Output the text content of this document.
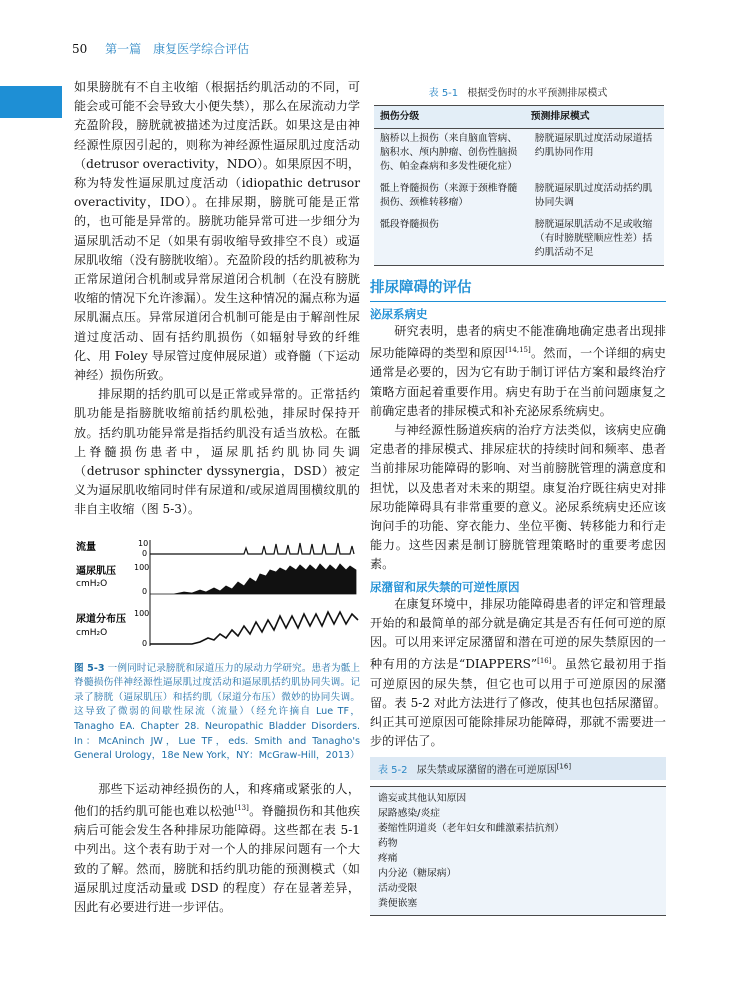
50 第一篇　康复医学综合评估

如果膀胱有不自主收缩（根据括约肌活动的不同，可能会或可能不会导致大小便失禁），那么在尿流动力学充盈阶段，膀胱就被描述为过度活跃。如果这是由神经源性原因引起的，则称为神经源性逼尿肌过度活动（detrusor overactivity，NDO）。如果原因不明，称为特发性逼尿肌过度活动（idiopathic detrusor overactivity，IDO）。在排尿期，膀胱可能是正常的，也可能是异常的。膀胱功能异常可进一步细分为逼尿肌活动不足（如果有弱收缩导致排空不良）或逼尿肌收缩（没有膀胱收缩）。充盈阶段的括约肌被称为正常尿道闭合机制或异常尿道闭合机制（在没有膀胱收缩的情况下允许渗漏）。发生这种情况的漏点称为逼尿肌漏点压。异常尿道闭合机制可能是由于解剖性尿道过度活动、固有括约肌损伤（如辐射导致的纤维化、用 Foley 导尿管过度伸展尿道）或脊髓（下运动神经）损伤所致。

排尿期的括约肌可以是正常或异常的。正常括约肌功能是指膀胱收缩前括约肌松弛，排尿时保持开放。括约肌功能异常是指括约肌没有适当放松。在骶上脊髓损伤患者中，逼尿肌括约肌协同失调（detrusor sphincter dyssynergia，DSD）被定义为逼尿肌收缩同时伴有尿道和/或尿道周围横纹肌的非自主收缩（图 5-3）。

流量
逼尿肌压
cmH₂O
尿道分布压
cmH₂O
10
0
100
0
100
0
图 5-3 一例同时记录膀胱和尿道压力的尿动力学研究。患者为骶上脊髓损伤伴神经源性逼尿肌过度活动和逼尿肌括约肌协同失调。记录了膀胱（逼尿肌压）和括约肌（尿道分布压）微妙的协同失调。这导致了微弱的间歇性尿流（流量）（经允许摘自 Lue TF，Tanagho EA. Chapter 28. Neuropathic Bladder Disorders. In：McAninch JW，Lue TF，eds. Smith and Tanagho's General Urology，18e New York，NY：McGraw-Hill，2013）

那些下运动神经损伤的人，和疼痛或紧张的人，他们的括约肌可能也难以松弛[13]。脊髓损伤和其他疾病后可能会发生各种排尿功能障碍。这些都在表 5-1 中列出。这个表有助于对一个人的排尿问题有一个大致的了解。然而，膀胱和括约肌功能的预测模式（如逼尿肌过度活动量或 DSD 的程度）存在显著差异，因此有必要进行进一步评估。

表 5-1 根据受伤时的水平预测排尿模式
损伤分级	预测排尿模式
脑桥以上损伤（来自脑血管病、脑积水、颅内肿瘤、创伤性脑损伤、帕金森病和多发性硬化症）	膀胱逼尿肌过度活动尿道括约肌协同作用
骶上脊髓损伤（来源于颈椎脊髓损伤、颈椎转移瘤）	膀胱逼尿肌过度活动括约肌协同失调
骶段脊髓损伤	膀胱逼尿肌活动不足或收缩（有时膀胱壁顺应性差）括约肌活动不足
排尿障碍的评估
泌尿系病史

研究表明，患者的病史不能准确地确定患者出现排尿功能障碍的类型和原因[14,15]。然而，一个详细的病史通常是必要的，因为它有助于制订评估方案和最终治疗策略方面起着重要作用。病史有助于在当前问题康复之前确定患者的排尿模式和补充泌尿系统病史。

与神经源性肠道疾病的治疗方法类似，该病史应确定患者的排尿模式、排尿症状的持续时间和频率、患者当前排尿功能障碍的影响、对当前膀胱管理的满意度和担忧，以及患者对未来的期望。康复治疗既往病史对排尿功能障碍具有非常重要的意义。泌尿系统病史还应该询问手的功能、穿衣能力、坐位平衡、转移能力和行走能力。这些因素是制订膀胱管理策略时的重要考虑因素。

尿潴留和尿失禁的可逆性原因

在康复环境中，排尿功能障碍患者的评定和管理最开始的和最简单的部分就是确定其是否有任何可逆的原因。可以用来评定尿潴留和潜在可逆的尿失禁原因的一种有用的方法是“DIAPPERS”[16]。虽然它最初用于指可逆原因的尿失禁，但它也可以用于可逆原因的尿潴留。表 5-2 对此方法进行了修改，使其也包括尿潴留。纠正其可逆原因可能除排尿功能障碍，那就不需要进一步的评估了。

表 5-2 尿失禁或尿潴留的潜在可逆原因[16]
谵妄或其他认知原因
尿路感染/炎症
萎缩性阴道炎（老年妇女和雌激素拮抗剂）
药物
疼痛
内分泌（糖尿病）
活动受限
粪便嵌塞
